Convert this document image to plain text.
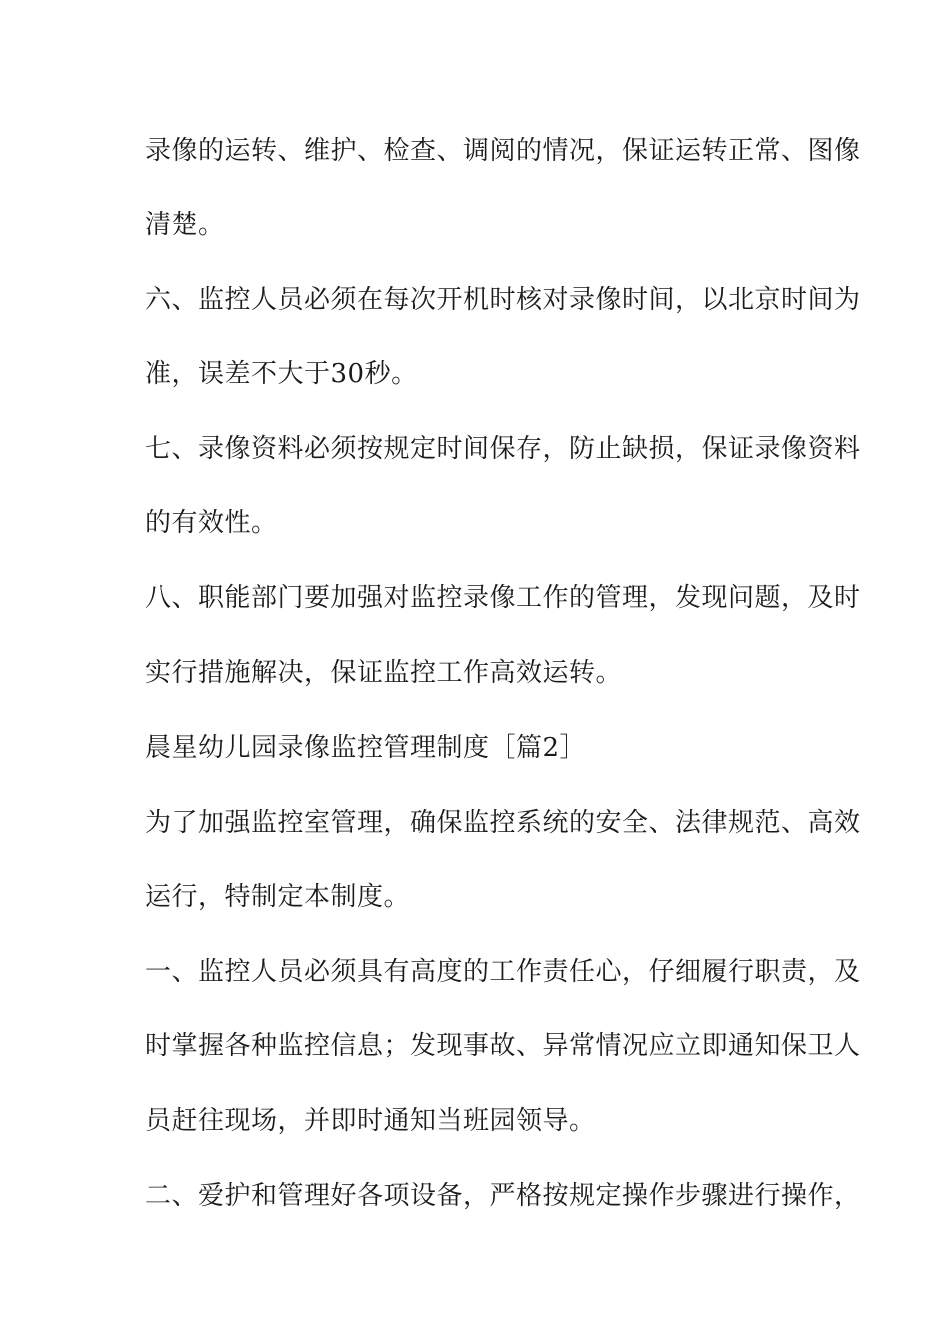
录像的运转、维护、检查、调阅的情况，保证运转正常、图像
清楚。
六、监控人员必须在每次开机时核对录像时间，以北京时间为
准，误差不大于30秒。
七、录像资料必须按规定时间保存，防止缺损，保证录像资料
的有效性。
八、职能部门要加强对监控录像工作的管理，发现问题，及时
实行措施解决，保证监控工作高效运转。
晨星幼儿园录像监控管理制度［篇2］
为了加强监控室管理，确保监控系统的安全、法律规范、高效
运行，特制定本制度。
一、监控人员必须具有高度的工作责任心，仔细履行职责，及
时掌握各种监控信息；发现事故、异常情况应立即通知保卫人
员赶往现场，并即时通知当班园领导。
二、爱护和管理好各项设备，严格按规定操作步骤进行操作，
